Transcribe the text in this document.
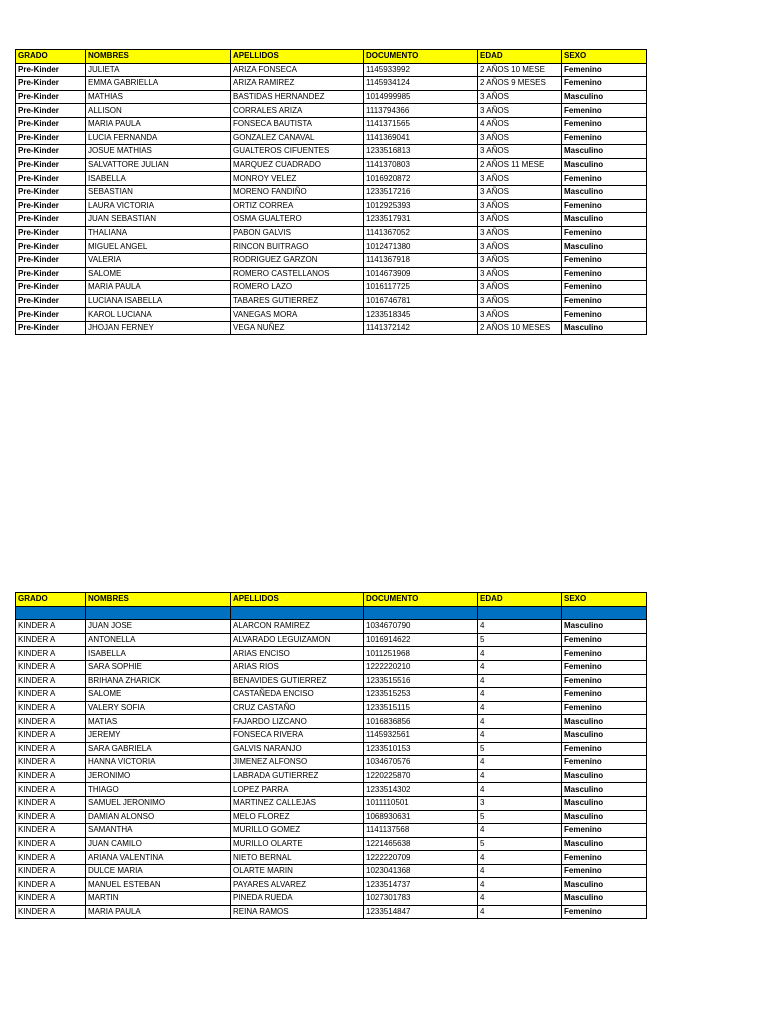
GRADO	NOMBRES	APELLIDOS	DOCUMENTO	EDAD	SEXO
Pre-Kinder	JULIETA	ARIZA FONSECA	1145933992	2 AÑOS 10 MESE	Femenino
Pre-Kinder	EMMA GABRIELLA	ARIZA RAMIREZ	1145934124	2 AÑOS 9 MESES	Femenino
Pre-Kinder	MATHIAS	BASTIDAS HERNANDEZ	1014999985	3 AÑOS	Masculino
Pre-Kinder	ALLISON	CORRALES ARIZA	1113794366	3 AÑOS	Femenino
Pre-Kinder	MARIA PAULA	FONSECA BAUTISTA	1141371565	4 AÑOS	Femenino
Pre-Kinder	LUCIA FERNANDA	GONZALEZ CANAVAL	1141369041	3 AÑOS	Femenino
Pre-Kinder	JOSUE MATHIAS	GUALTEROS CIFUENTES	1233516813	3 AÑOS	Masculino
Pre-Kinder	SALVATTORE JULIAN	MARQUEZ CUADRADO	1141370803	2 AÑOS 11 MESE	Masculino
Pre-Kinder	ISABELLA	MONROY VELEZ	1016920872	3 AÑOS	Femenino
Pre-Kinder	SEBASTIAN	MORENO FANDIÑO	1233517216	3 AÑOS	Masculino
Pre-Kinder	LAURA VICTORIA	ORTIZ CORREA	1012925393	3 AÑOS	Femenino
Pre-Kinder	JUAN SEBASTIAN	OSMA GUALTERO	1233517931	3 AÑOS	Masculino
Pre-Kinder	THALIANA	PABON GALVIS	1141367052	3 AÑOS	Femenino
Pre-Kinder	MIGUEL ANGEL	RINCON BUITRAGO	1012471380	3 AÑOS	Masculino
Pre-Kinder	VALERIA	RODRIGUEZ GARZON	1141367918	3 AÑOS	Femenino
Pre-Kinder	SALOME	ROMERO CASTELLANOS	1014673909	3 AÑOS	Femenino
Pre-Kinder	MARIA PAULA	ROMERO LAZO	1016117725	3 AÑOS	Femenino
Pre-Kinder	LUCIANA ISABELLA	TABARES GUTIERREZ	1016746781	3 AÑOS	Femenino
Pre-Kinder	KAROL LUCIANA	VANEGAS MORA	1233518345	3 AÑOS	Femenino
Pre-Kinder	JHOJAN FERNEY	VEGA NUÑEZ	1141372142	2 AÑOS 10 MESES	Masculino
GRADO	NOMBRES	APELLIDOS	DOCUMENTO	EDAD	SEXO

KINDER A	JUAN JOSE	ALARCON RAMIREZ	1034670790	4	Masculino
KINDER A	ANTONELLA	ALVARADO LEGUIZAMON	1016914622	5	Femenino
KINDER A	ISABELLA	ARIAS ENCISO	1011251968	4	Femenino
KINDER A	SARA SOPHIE	ARIAS RIOS	1222220210	4	Femenino
KINDER A	BRIHANA ZHARICK	BENAVIDES GUTIERREZ	1233515516	4	Femenino
KINDER A	SALOME	CASTAÑEDA ENCISO	1233515253	4	Femenino
KINDER A	VALERY SOFIA	CRUZ CASTAÑO	1233515115	4	Femenino
KINDER A	MATIAS	FAJARDO LIZCANO	1016836856	4	Masculino
KINDER A	JEREMY	FONSECA RIVERA	1145932561	4	Masculino
KINDER A	SARA GABRIELA	GALVIS NARANJO	1233510153	5	Femenino
KINDER A	HANNA VICTORIA	JIMENEZ ALFONSO	1034670576	4	Femenino
KINDER A	JERONIMO	LABRADA GUTIERREZ	1220225870	4	Masculino
KINDER A	THIAGO	LOPEZ PARRA	1233514302	4	Masculino
KINDER A	SAMUEL JERONIMO	MARTINEZ CALLEJAS	1011110501	3	Masculino
KINDER A	DAMIAN ALONSO	MELO FLOREZ	1068930631	5	Masculino
KINDER A	SAMANTHA	MURILLO GOMEZ	1141137568	4	Femenino
KINDER A	JUAN CAMILO	MURILLO OLARTE	1221465638	5	Masculino
KINDER A	ARIANA VALENTINA	NIETO BERNAL	1222220709	4	Femenino
KINDER A	DULCE MARIA	OLARTE MARIN	1023041368	4	Femenino
KINDER A	MANUEL ESTEBAN	PAYARES ALVAREZ	1233514737	4	Masculino
KINDER A	MARTIN	PINEDA RUEDA	1027301783	4	Masculino
KINDER A	MARIA PAULA	REINA RAMOS	1233514847	4	Femenino
